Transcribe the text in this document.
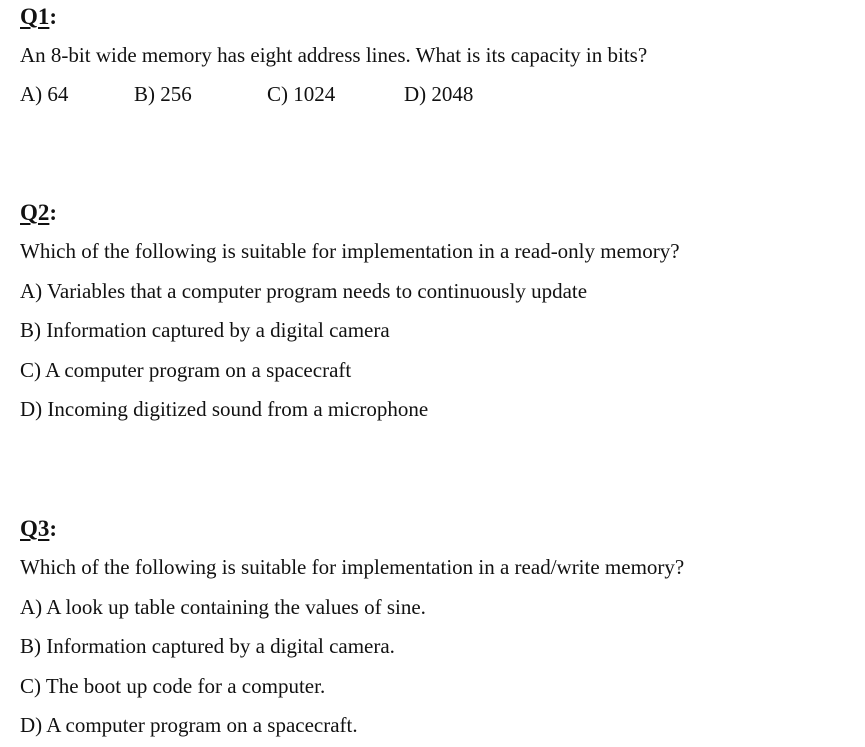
Q1:
An 8-bit wide memory has eight address lines. What is its capacity in bits?
A) 64	B) 256	C) 1024	D) 2048
Q2:
Which of the following is suitable for implementation in a read-only memory?
A) Variables that a computer program needs to continuously update
B) Information captured by a digital camera
C) A computer program on a spacecraft
D) Incoming digitized sound from a microphone
Q3:
Which of the following is suitable for implementation in a read/write memory?
A) A look up table containing the values of sine.
B) Information captured by a digital camera.
C) The boot up code for a computer.
D) A computer program on a spacecraft.
